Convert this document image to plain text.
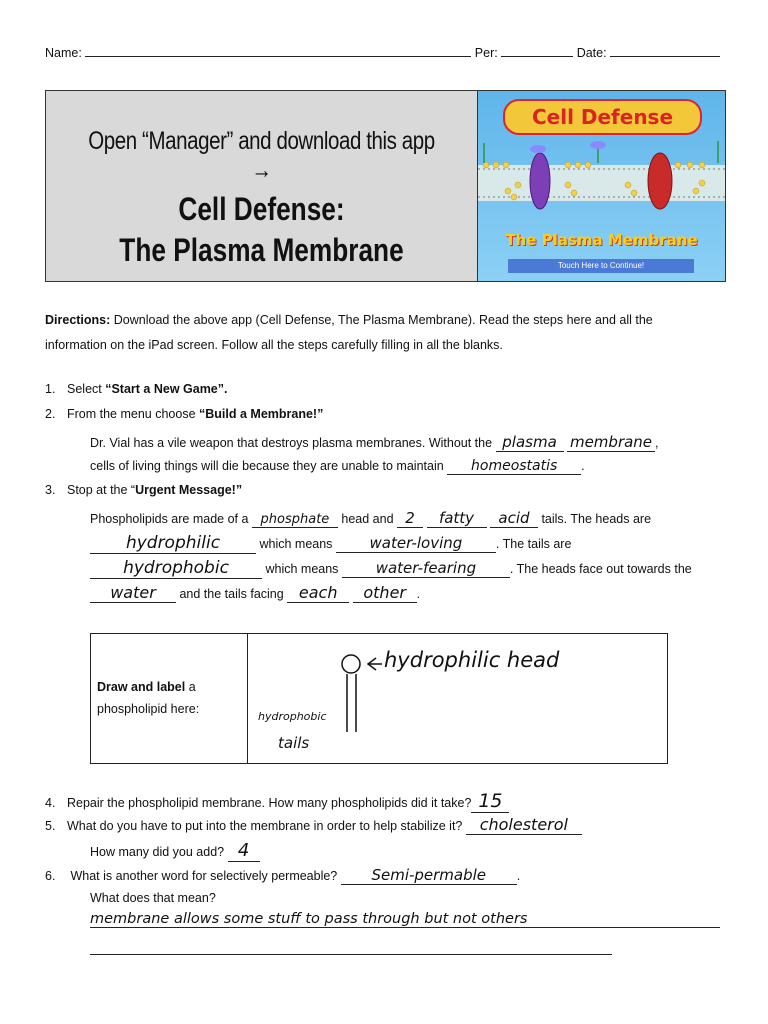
Name:	Per:	Date:
Open “Manager” and download this app →
Cell Defense:
The Plasma Membrane
Cell Defense
The Plasma Membrane
Touch Here to Continue!
Directions: Download the above app (Cell Defense, The Plasma Membrane). Read the steps here and all the
information on the iPad screen. Follow all the steps carefully filling in all the blanks.
1. Select “Start a New Game”.
2. From the menu choose “Build a Membrane!”
Dr. Vial has a vile weapon that destroys plasma membranes. Without the plasma membrane ,
cells of living things will die because they are unable to maintain homeostatis .
3. Stop at the “Urgent Message!”
Phospholipids are made of a phosphate head and 2 fatty acid tails. The heads are
hydrophilic	which means water-loving	. The tails are
hydrophobic	which means water-fearing	. The heads face out towards the
water and the tails facing each other .
Draw and label a
phospholipid here:
hydrophilic head
hydrophobic
tails
4. Repair the phospholipid membrane. How many phospholipids did it take? 15
5. What do you have to put into the membrane in order to help stabilize it? cholesterol
How many did you add? 4
6. What is another word for selectively permeable? Semi-permable .
What does that mean?
membrane allows some stuff to pass through but not others
